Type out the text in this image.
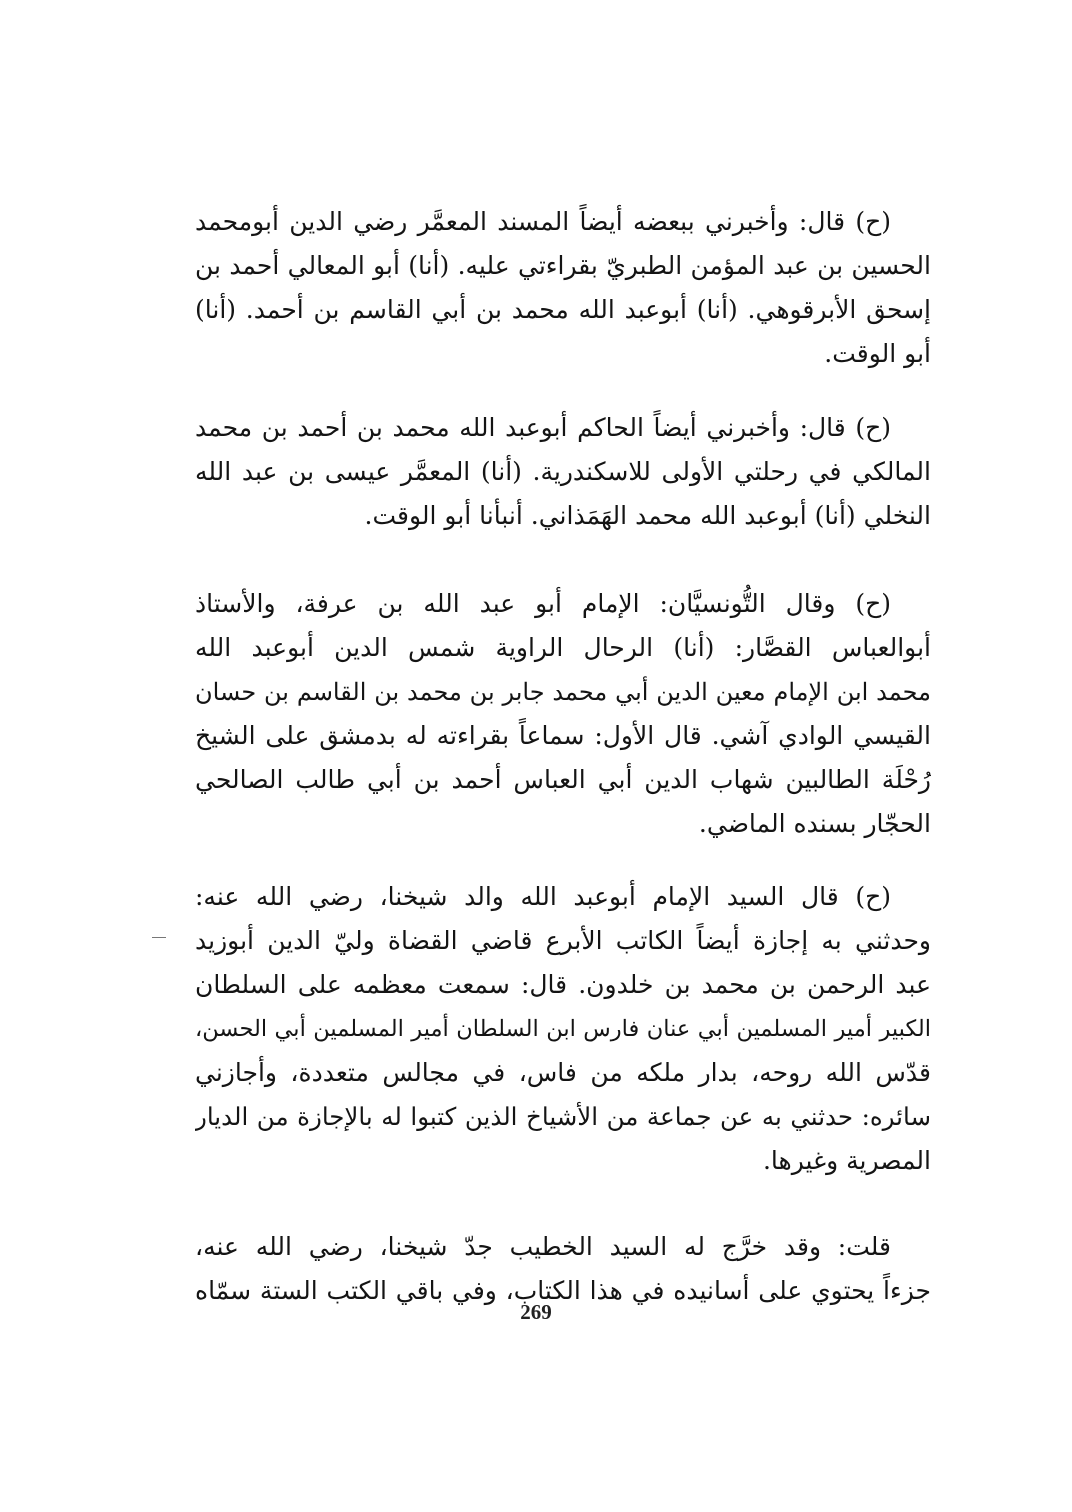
(ح) قال: وأخبرني ببعضه أيضاً المسند المعمَّر رضي الدين أبومحمد
الحسين بن عبد المؤمن الطبريّ بقراءتي عليه. (أنا) أبو المعالي أحمد بن
إسحق الأبرقوهي. (أنا) أبوعبد الله محمد بن أبي القاسم بن أحمد. (أنا)
أبو الوقت.
(ح) قال: وأخبرني أيضاً الحاكم أبوعبد الله محمد بن أحمد بن محمد
المالكي في رحلتي الأولى للاسكندرية. (أنا) المعمَّر عيسى بن عبد الله
النخلي (أنا) أبوعبد الله محمد الهَمَذاني. أنبأنا أبو الوقت.
(ح) وقال التُّونسيَّان: الإمام أبو عبد الله بن عرفة، والأستاذ
أبوالعباس القصَّار: (أنا) الرحال الراوية شمس الدين أبوعبد الله
محمد ابن الإمام معين الدين أبي محمد جابر بن محمد بن القاسم بن حسان
القيسي الوادي آشي. قال الأول: سماعاً بقراءته له بدمشق على الشيخ
رُحْلَة الطالبين شهاب الدين أبي العباس أحمد بن أبي طالب الصالحي
الحجّار بسنده الماضي.
(ح) قال السيد الإمام أبوعبد الله والد شيخنا، رضي الله عنه:
وحدثني به إجازة أيضاً الكاتب الأبرع قاضي القضاة وليّ الدين أبوزيد
عبد الرحمن بن محمد بن خلدون. قال: سمعت معظمه على السلطان
الكبير أمير المسلمين أبي عنان فارس ابن السلطان أمير المسلمين أبي الحسن،
قدّس الله روحه، بدار ملكه من فاس، في مجالس متعددة، وأجازني
سائره: حدثني به عن جماعة من الأشياخ الذين كتبوا له بالإجازة من الديار
المصرية وغيرها.
قلت: وقد خرَّج له السيد الخطيب جدّ شيخنا، رضي الله عنه،
جزءاً يحتوي على أسانيده في هذا الكتاب، وفي باقي الكتب الستة سمّاه
269
